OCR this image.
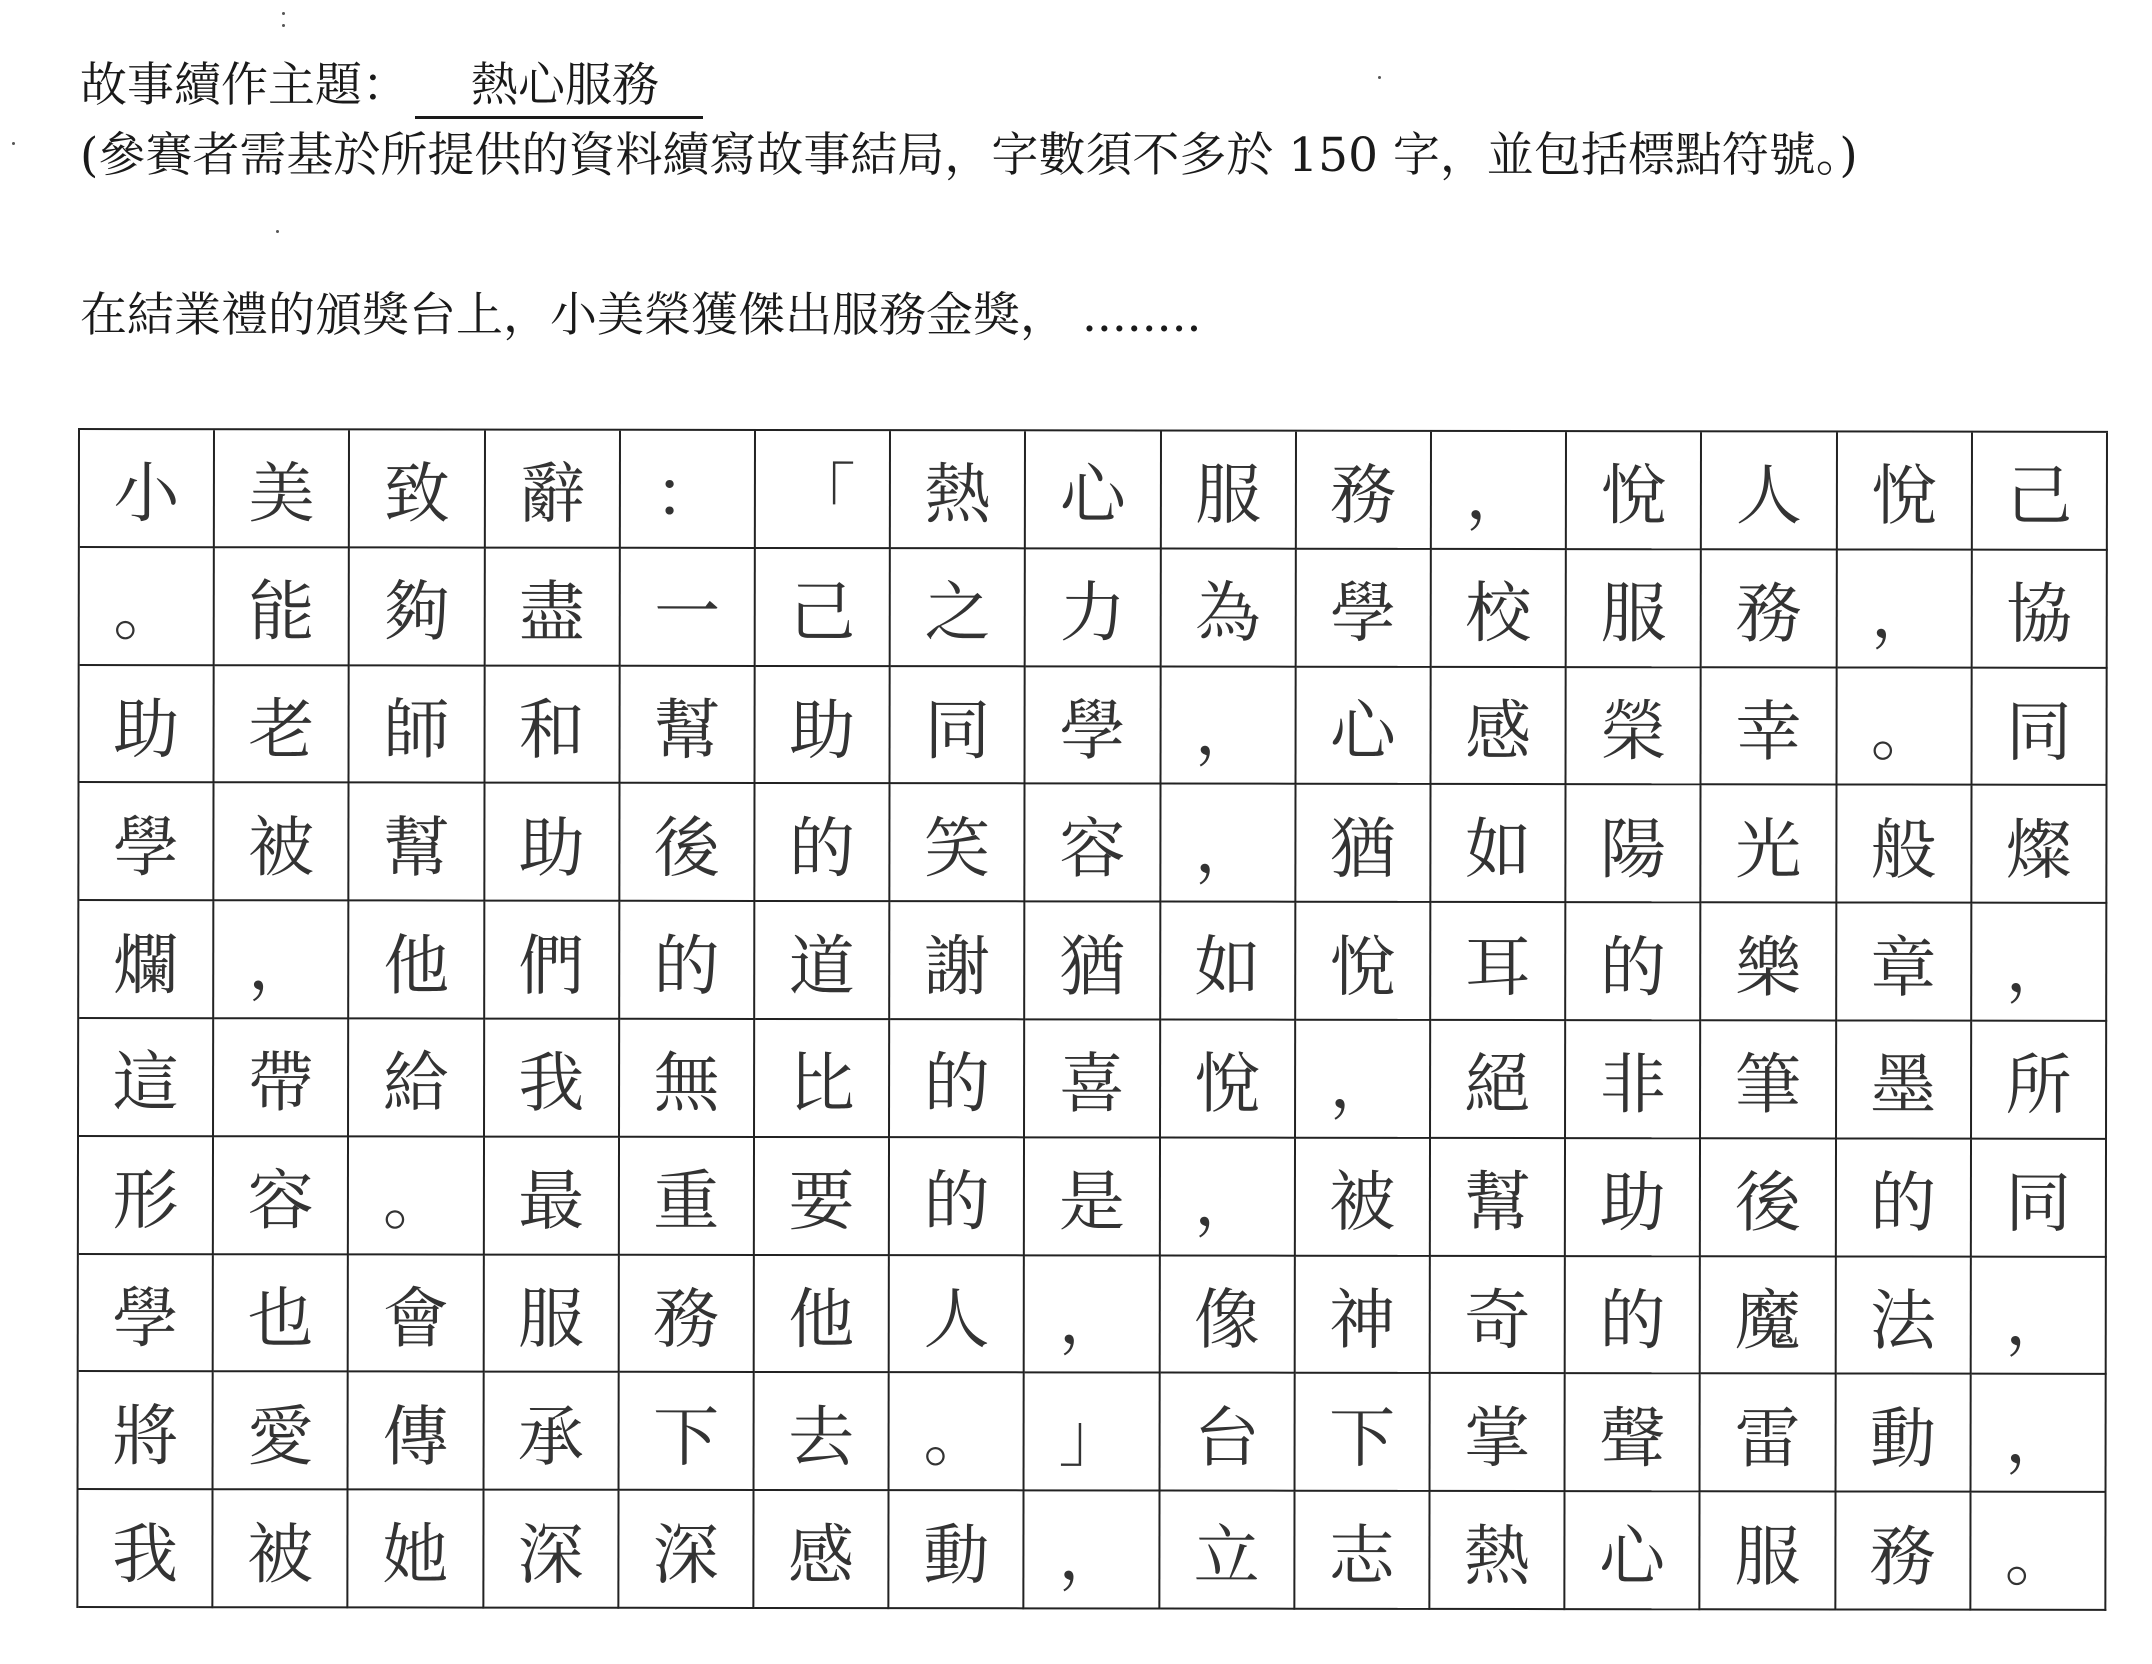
故事續作主題： 熱心服務
(參賽者需基於所提供的資料續寫故事結局，字數須不多於 150 字，並包括標點符號。)
在結業禮的頒獎台上，小美榮獲傑出服務金獎， ........
小	美	致	辭	：	「	熱	心	服	務	，	悅	人	悅	己
。	能	夠	盡	一	己	之	力	為	學	校	服	務	，	協
助	老	師	和	幫	助	同	學	，	心	感	榮	幸	。	同
學	被	幫	助	後	的	笑	容	，	猶	如	陽	光	般	燦
爛	，	他	們	的	道	謝	猶	如	悅	耳	的	樂	章	，
這	帶	給	我	無	比	的	喜	悅	，	絕	非	筆	墨	所
形	容	。	最	重	要	的	是	，	被	幫	助	後	的	同
學	也	會	服	務	他	人	，	像	神	奇	的	魔	法	，
將	愛	傳	承	下	去	。	」	台	下	掌	聲	雷	動	，
我	被	她	深	深	感	動	，	立	志	熱	心	服	務	。
